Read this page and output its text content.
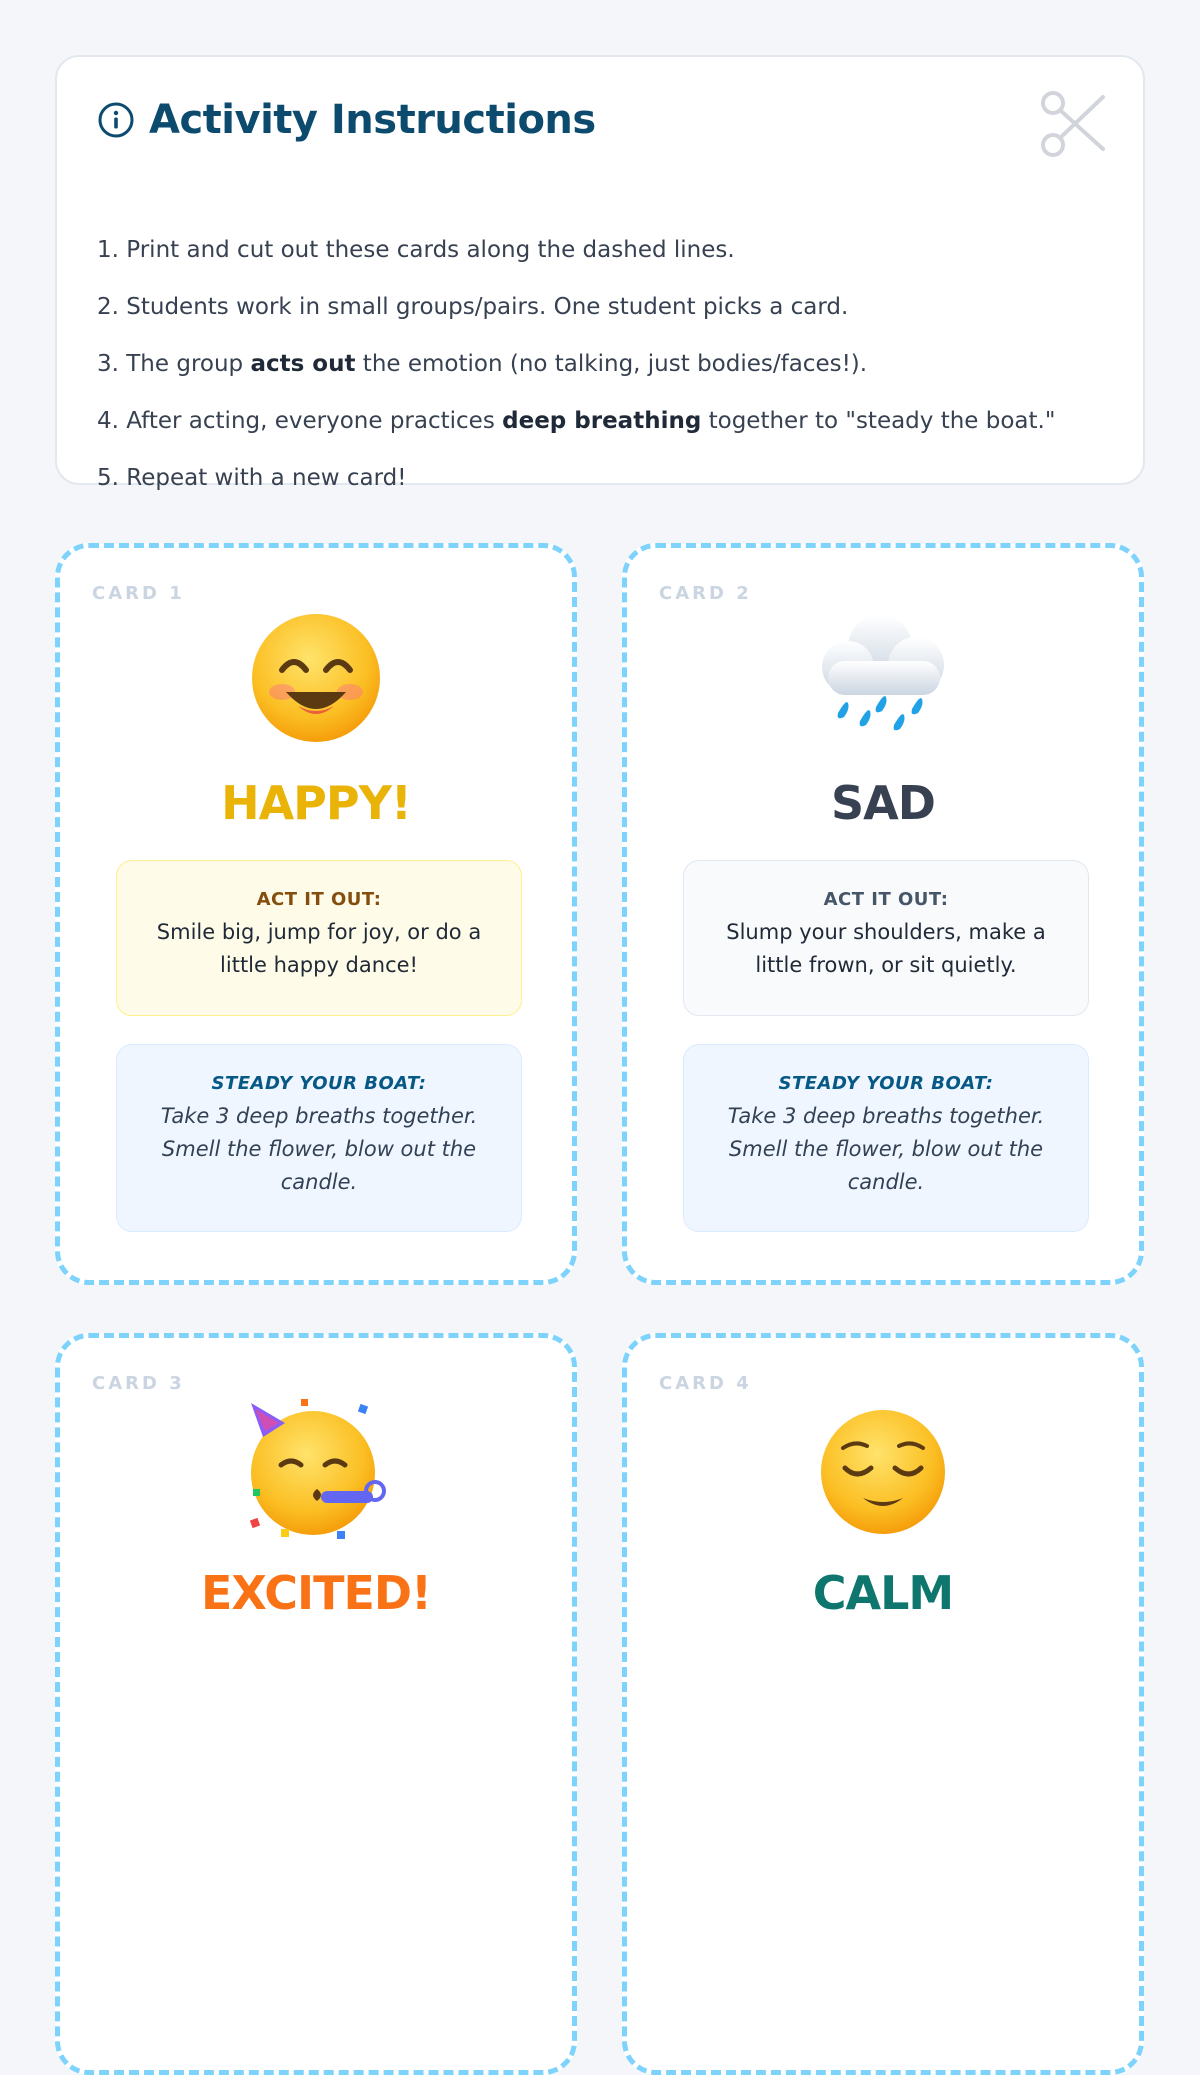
Activity Instructions
1. Print and cut out these cards along the dashed lines.
2. Students work in small groups/pairs. One student picks a card.
3. The group acts out the emotion (no talking, just bodies/faces!).
4. After acting, everyone practices deep breathing together to "steady the boat."
5. Repeat with a new card!
CARD 1
HAPPY!
ACT IT OUT:
Smile big, jump for joy, or do a little happy dance!
STEADY YOUR BOAT:
Take 3 deep breaths together. Smell the flower, blow out the candle.
CARD 2
SAD
ACT IT OUT:
Slump your shoulders, make a little frown, or sit quietly.
STEADY YOUR BOAT:
Take 3 deep breaths together. Smell the flower, blow out the candle.
CARD 3
EXCITED!
CARD 4
CALM
